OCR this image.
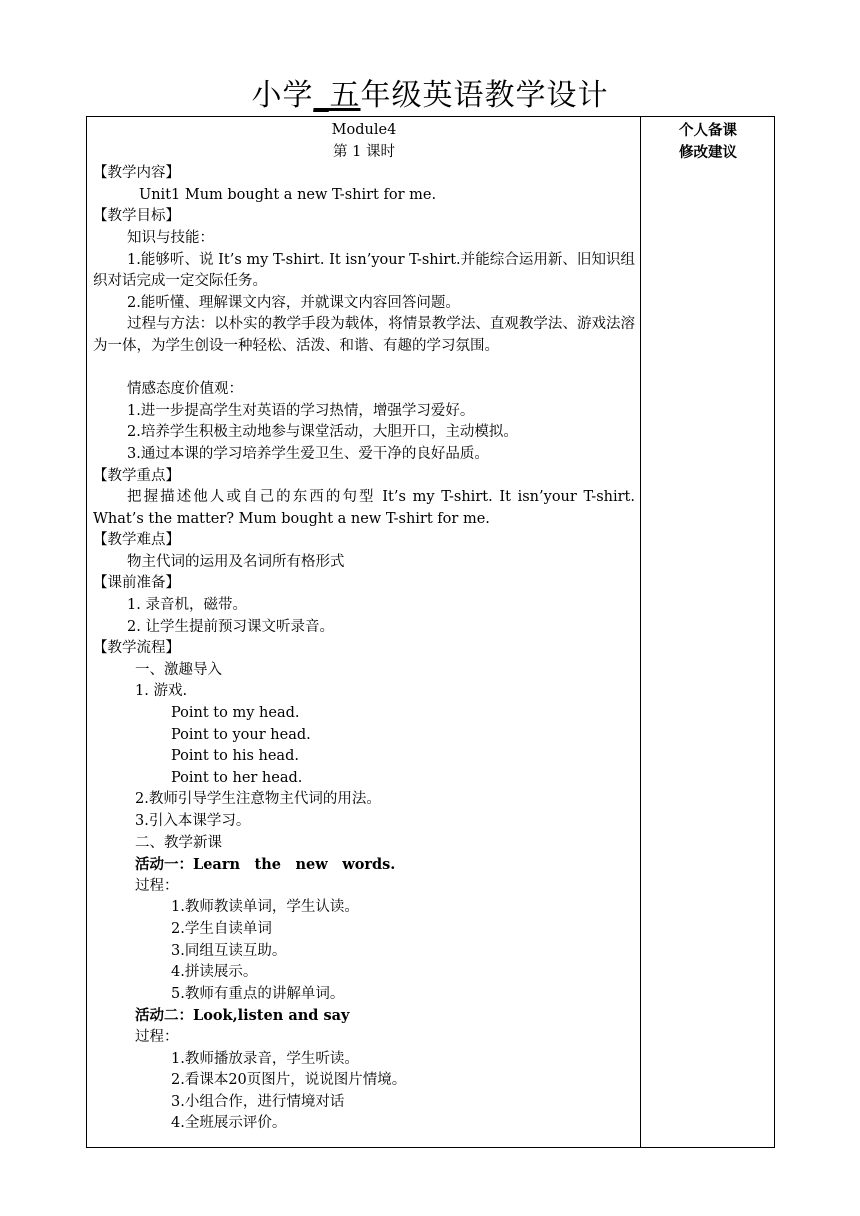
小学_五年级英语教学设计
个人备课
修改建议
Module4
第 1 课时
【教学内容】
Unit1 Mum bought a new T-shirt for me.
【教学目标】
知识与技能：
1.能够听、说 It’s my T-shirt. It isn’your T-shirt.并能综合运用新、旧知识组织对话完成一定交际任务。
2.能听懂、理解课文内容，并就课文内容回答问题。
过程与方法：以朴实的教学手段为载体，将情景教学法、直观教学法、游戏法溶为一体，为学生创设一种轻松、活泼、和谐、有趣的学习氛围。
情感态度价值观：
1.进一步提高学生对英语的学习热情，增强学习爱好。
2.培养学生积极主动地参与课堂活动，大胆开口，主动模拟。
3.通过本课的学习培养学生爱卫生、爱干净的良好品质。
【教学重点】
把握描述他人或自己的东西的句型 It’s my T-shirt. It isn’your T-shirt. What’s the matter? Mum bought a new T-shirt for me.
【教学难点】
物主代词的运用及名词所有格形式
【课前准备】
1. 录音机，磁带。
2. 让学生提前预习课文听录音。
【教学流程】
一、激趣导入
1. 游戏.
Point to my head.
Point to your head.
Point to his head.
Point to her head.
2.教师引导学生注意物主代词的用法。
3.引入本课学习。
二、教学新课
活动一：Learn　the　new　words.
过程：
1.教师教读单词，学生认读。
2.学生自读单词
3.同组互读互助。
4.拼读展示。
5.教师有重点的讲解单词。
活动二：Look,listen and say
过程：
1.教师播放录音，学生听读。
2.看课本20页图片，说说图片情境。
3.小组合作，进行情境对话
4.全班展示评价。
